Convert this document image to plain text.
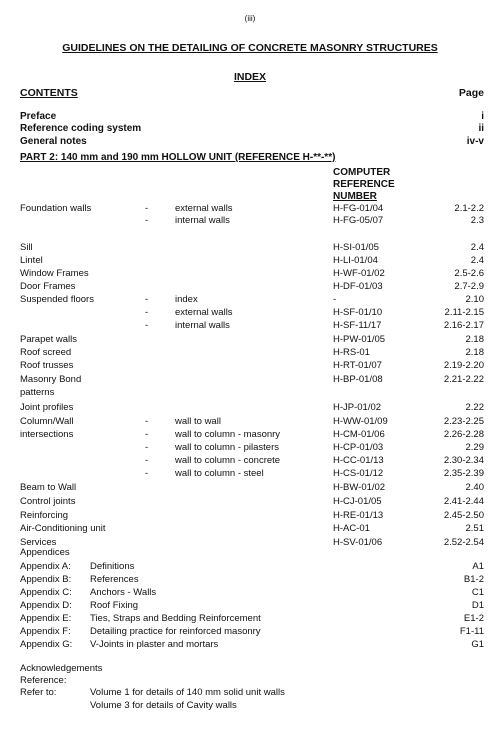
(iii)
GUIDELINES ON THE DETAILING OF CONCRETE MASONRY STRUCTURES
INDEX
CONTENTS	Page
Preface	i
Reference coding system	ii
General notes	iv-v
PART 2: 140 mm and 190 mm HOLLOW UNIT (REFERENCE H-**-**)
COMPUTER
REFERENCE
NUMBER
Foundation walls	-	external walls	H-FG-01/04	2.1-2.2
-	internal walls	H-FG-05/07	2.3
Sill	H-SI-01/05	2.4
Lintel	H-LI-01/04	2.4
Window Frames	H-WF-01/02	2.5-2.6
Door Frames	H-DF-01/03	2.7-2.9
Suspended floors	-	index	-	2.10
-	external walls	H-SF-01/10	2.11-2.15
-	internal walls	H-SF-11/17	2.16-2.17
Parapet walls	H-PW-01/05	2.18
Roof screed	H-RS-01	2.18
Roof trusses	H-RT-01/07	2.19-2.20
Masonry Bond	H-BP-01/08	2.21-2.22
patterns
Joint profiles	H-JP-01/02	2.22
Column/Wall	-	wall to wall	H-WW-01/09	2.23-2.25
intersections	-	wall to column - masonry	H-CM-01/06	2.26-2.28
-	wall to column - pilasters	H-CP-01/03	2.29
-	wall to column - concrete	H-CC-01/13	2.30-2.34
-	wall to column - steel	H-CS-01/12	2.35-2.39
Beam to Wall	H-BW-01/02	2.40
Control joints	H-CJ-01/05	2.41-2.44
Reinforcing	H-RE-01/13	2.45-2.50
Air-Conditioning unit	H-AC-01	2.51
Services	H-SV-01/06	2.52-2.54
Appendices
Appendix A: Definitions	A1
Appendix B: References	B1-2
Appendix C: Anchors - Walls	C1
Appendix D: Roof Fixing	D1
Appendix E: Ties, Straps and Bedding Reinforcement	E1-2
Appendix F: Detailing practice for reinforced masonry	F1-11
Appendix G: V-Joints in plaster and mortars	G1
Acknowledgements
Reference:
Refer to:	Volume 1 for details of 140 mm solid unit walls
Volume 3 for details of Cavity walls
